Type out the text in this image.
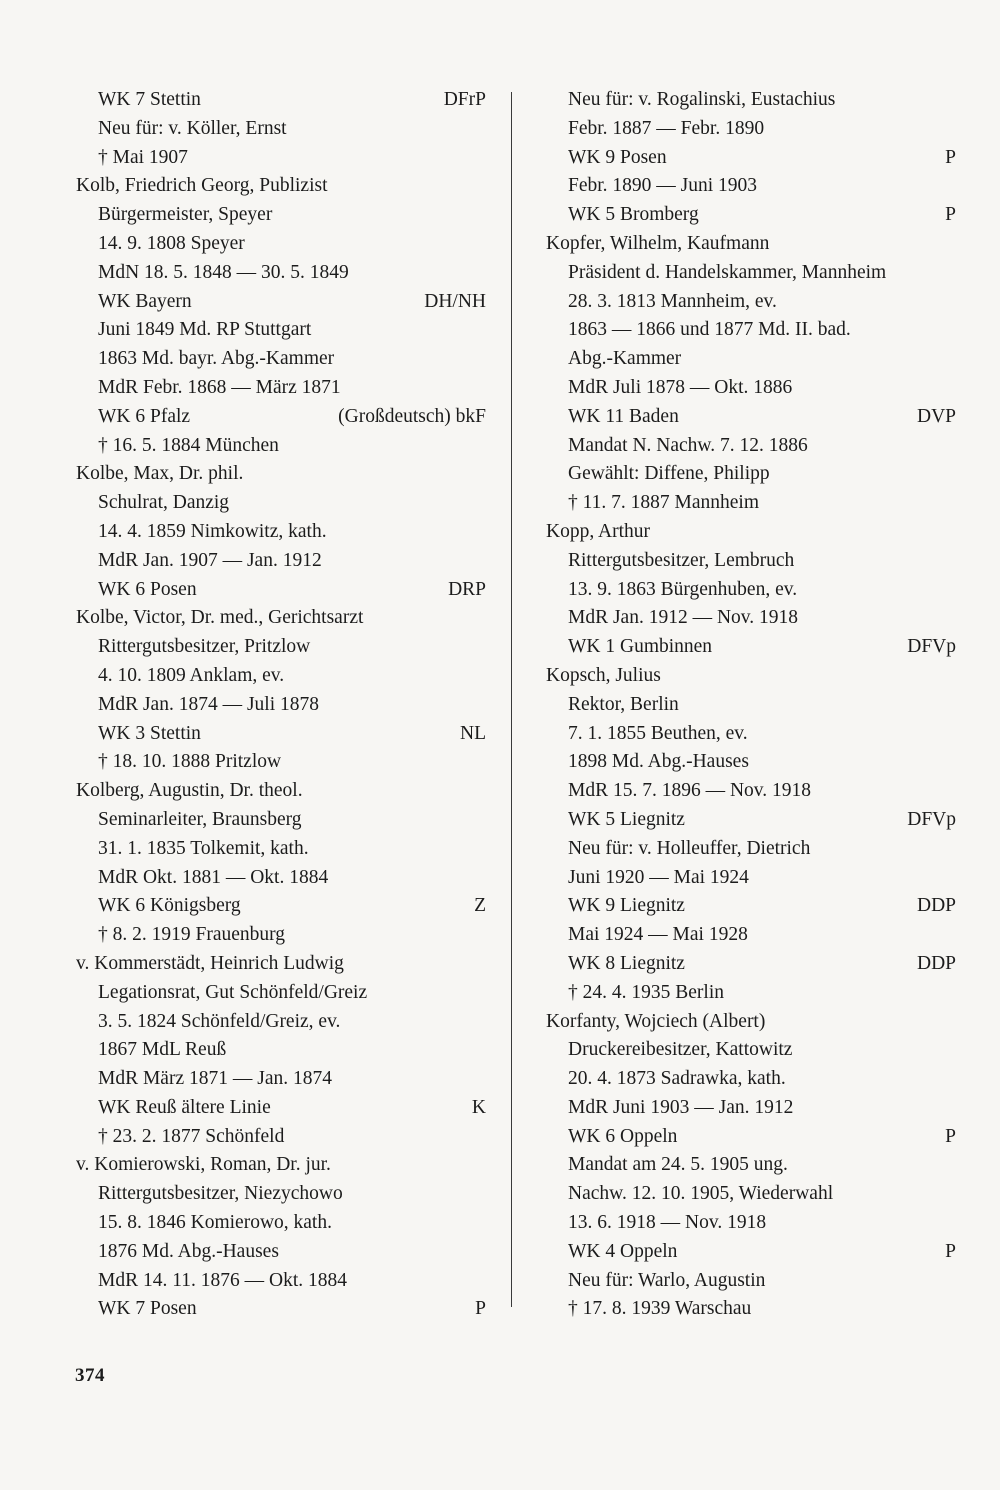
WK 7 Stettin	DFrP
Neu für: v. Köller, Ernst
† Mai 1907
Kolb, Friedrich Georg, Publizist
Bürgermeister, Speyer
14. 9. 1808 Speyer
MdN 18. 5. 1848 — 30. 5. 1849
WK Bayern	DH/NH
Juni 1849 Md. RP Stuttgart
1863 Md. bayr. Abg.-Kammer
MdR Febr. 1868 — März 1871
WK 6 Pfalz	(Großdeutsch) bkF
† 16. 5. 1884 München
Kolbe, Max, Dr. phil.
Schulrat, Danzig
14. 4. 1859 Nimkowitz, kath.
MdR Jan. 1907 — Jan. 1912
WK 6 Posen	DRP
Kolbe, Victor, Dr. med., Gerichtsarzt
Rittergutsbesitzer, Pritzlow
4. 10. 1809 Anklam, ev.
MdR Jan. 1874 — Juli 1878
WK 3 Stettin	NL
† 18. 10. 1888 Pritzlow
Kolberg, Augustin, Dr. theol.
Seminarleiter, Braunsberg
31. 1. 1835 Tolkemit, kath.
MdR Okt. 1881 — Okt. 1884
WK 6 Königsberg	Z
† 8. 2. 1919 Frauenburg
v. Kommerstädt, Heinrich Ludwig
Legationsrat, Gut Schönfeld/Greiz
3. 5. 1824 Schönfeld/Greiz, ev.
1867 MdL Reuß
MdR März 1871 — Jan. 1874
WK Reuß ältere Linie	K
† 23. 2. 1877 Schönfeld
v. Komierowski, Roman, Dr. jur.
Rittergutsbesitzer, Niezychowo
15. 8. 1846 Komierowo, kath.
1876 Md. Abg.-Hauses
MdR 14. 11. 1876 — Okt. 1884
WK 7 Posen	P
Neu für: v. Rogalinski, Eustachius
Febr. 1887 — Febr. 1890
WK 9 Posen	P
Febr. 1890 — Juni 1903
WK 5 Bromberg	P
Kopfer, Wilhelm, Kaufmann
Präsident d. Handelskammer, Mannheim
28. 3. 1813 Mannheim, ev.
1863 — 1866 und 1877 Md. II. bad.
Abg.-Kammer
MdR Juli 1878 — Okt. 1886
WK 11 Baden	DVP
Mandat N. Nachw. 7. 12. 1886
Gewählt: Diffene, Philipp
† 11. 7. 1887 Mannheim
Kopp, Arthur
Rittergutsbesitzer, Lembruch
13. 9. 1863 Bürgenhuben, ev.
MdR Jan. 1912 — Nov. 1918
WK 1 Gumbinnen	DFVp
Kopsch, Julius
Rektor, Berlin
7. 1. 1855 Beuthen, ev.
1898 Md. Abg.-Hauses
MdR 15. 7. 1896 — Nov. 1918
WK 5 Liegnitz	DFVp
Neu für: v. Holleuffer, Dietrich
Juni 1920 — Mai 1924
WK 9 Liegnitz	DDP
Mai 1924 — Mai 1928
WK 8 Liegnitz	DDP
† 24. 4. 1935 Berlin
Korfanty, Wojciech (Albert)
Druckereibesitzer, Kattowitz
20. 4. 1873 Sadrawka, kath.
MdR Juni 1903 — Jan. 1912
WK 6 Oppeln	P
Mandat am 24. 5. 1905 ung.
Nachw. 12. 10. 1905, Wiederwahl
13. 6. 1918 — Nov. 1918
WK 4 Oppeln	P
Neu für: Warlo, Augustin
† 17. 8. 1939 Warschau
374
